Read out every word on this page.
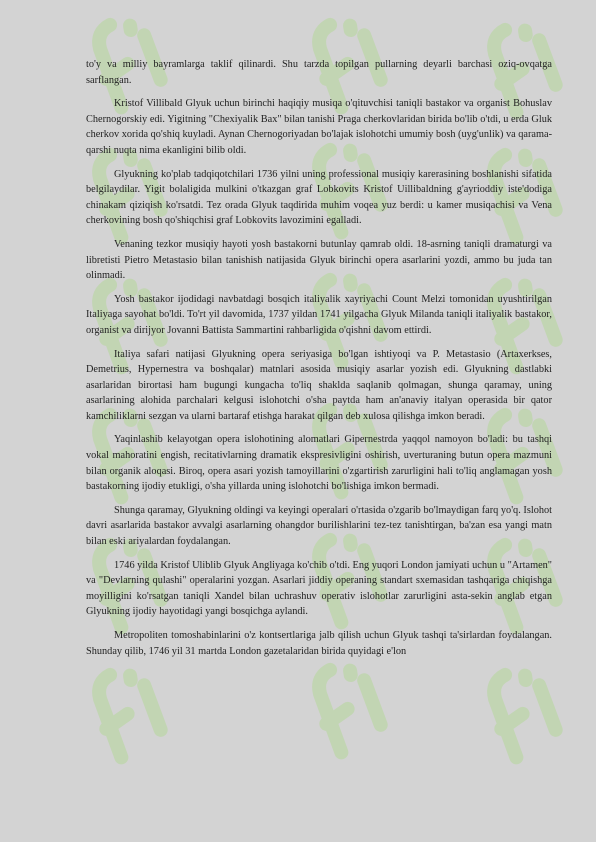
to'y va milliy bayramlarga taklif qilinardi. Shu tarzda topilgan pullarning deyarli barchasi oziq-ovqatga sarflangan.

Kristof Villibald Glyuk uchun birinchi haqiqiy musiqa o'qituvchisi taniqli bastakor va organist Bohuslav Chernogorskiy edi. Yigitning "Chexiyalik Bax" bilan tanishi Praga cherkovlaridan birida bo'lib o'tdi, u erda Gluk cherkov xorida qo'shiq kuyladi. Aynan Chernogoriyadan bo'lajak islohotchi umumiy bosh (uyg'unlik) va qarama-qarshi nuqta nima ekanligini bilib oldi.

Glyukning ko'plab tadqiqotchilari 1736 yilni uning professional musiqiy karerasining boshlanishi sifatida belgilaydilar. Yigit bolaligida mulkini o'tkazgan graf Lobkovits Kristof Uillibaldning g'ayrioddiy iste'dodiga chinakam qiziqish ko'rsatdi. Tez orada Glyuk taqdirida muhim voqea yuz berdi: u kamer musiqachisi va Vena cherkovining bosh qo'shiqchisi graf Lobkovits lavozimini egalladi.

Venaning tezkor musiqiy hayoti yosh bastakorni butunlay qamrab oldi. 18-asrning taniqli dramaturgi va libretisti Pietro Metastasio bilan tanishish natijasida Glyuk birinchi opera asarlarini yozdi, ammo bu juda tan olinmadi.

Yosh bastakor ijodidagi navbatdagi bosqich italiyalik xayriyachi Count Melzi tomonidan uyushtirilgan Italiyaga sayohat bo'ldi. To'rt yil davomida, 1737 yildan 1741 yilgacha Glyuk Milanda taniqli italiyalik bastakor, organist va dirijyor Jovanni Battista Sammartini rahbarligida o'qishni davom ettirdi.

Italiya safari natijasi Glyukning opera seriyasiga bo'lgan ishtiyoqi va P. Metastasio (Artaxerkses, Demetrius, Hypernestra va boshqalar) matnlari asosida musiqiy asarlar yozish edi. Glyukning dastlabki asarlaridan birortasi ham bugungi kungacha to'liq shaklda saqlanib qolmagan, shunga qaramay, uning asarlarining alohida parchalari kelgusi islohotchi o'sha paytda ham an'anaviy italyan operasida bir qator kamchiliklarni sezgan va ularni bartaraf etishga harakat qilgan deb xulosa qilishga imkon beradi.

Yaqinlashib kelayotgan opera islohotining alomatlari Gipernestrda yaqqol namoyon bo'ladi: bu tashqi vokal mahoratini engish, recitativlarning dramatik ekspresivligini oshirish, uverturaning butun opera mazmuni bilan organik aloqasi. Biroq, opera asari yozish tamoyillarini o'zgartirish zarurligini hali to'liq anglamagan yosh bastakorning ijodiy etukligi, o'sha yillarda uning islohotchi bo'lishiga imkon bermadi.

Shunga qaramay, Glyukning oldingi va keyingi operalari o'rtasida o'zgarib bo'lmaydigan farq yo'q. Islohot davri asarlarida bastakor avvalgi asarlarning ohangdor burilishlarini tez-tez tanishtirgan, ba'zan esa yangi matn bilan eski ariyalardan foydalangan.

1746 yilda Kristof Uliblib Glyuk Angliyaga ko'chib o'tdi. Eng yuqori London jamiyati uchun u "Artamen" va "Devlarning qulashi" operalarini yozgan. Asarlari jiddiy operaning standart sxemasidan tashqariga chiqishga moyilligini ko'rsatgan taniqli Xandel bilan uchrashuv operativ islohotlar zarurligini asta-sekin anglab etgan Glyukning ijodiy hayotidagi yangi bosqichga aylandi.

Metropoliten tomoshabinlarini o'z kontsertlariga jalb qilish uchun Glyuk tashqi ta'sirlardan foydalangan. Shunday qilib, 1746 yil 31 martda London gazetalaridan birida quyidagi e'lon
